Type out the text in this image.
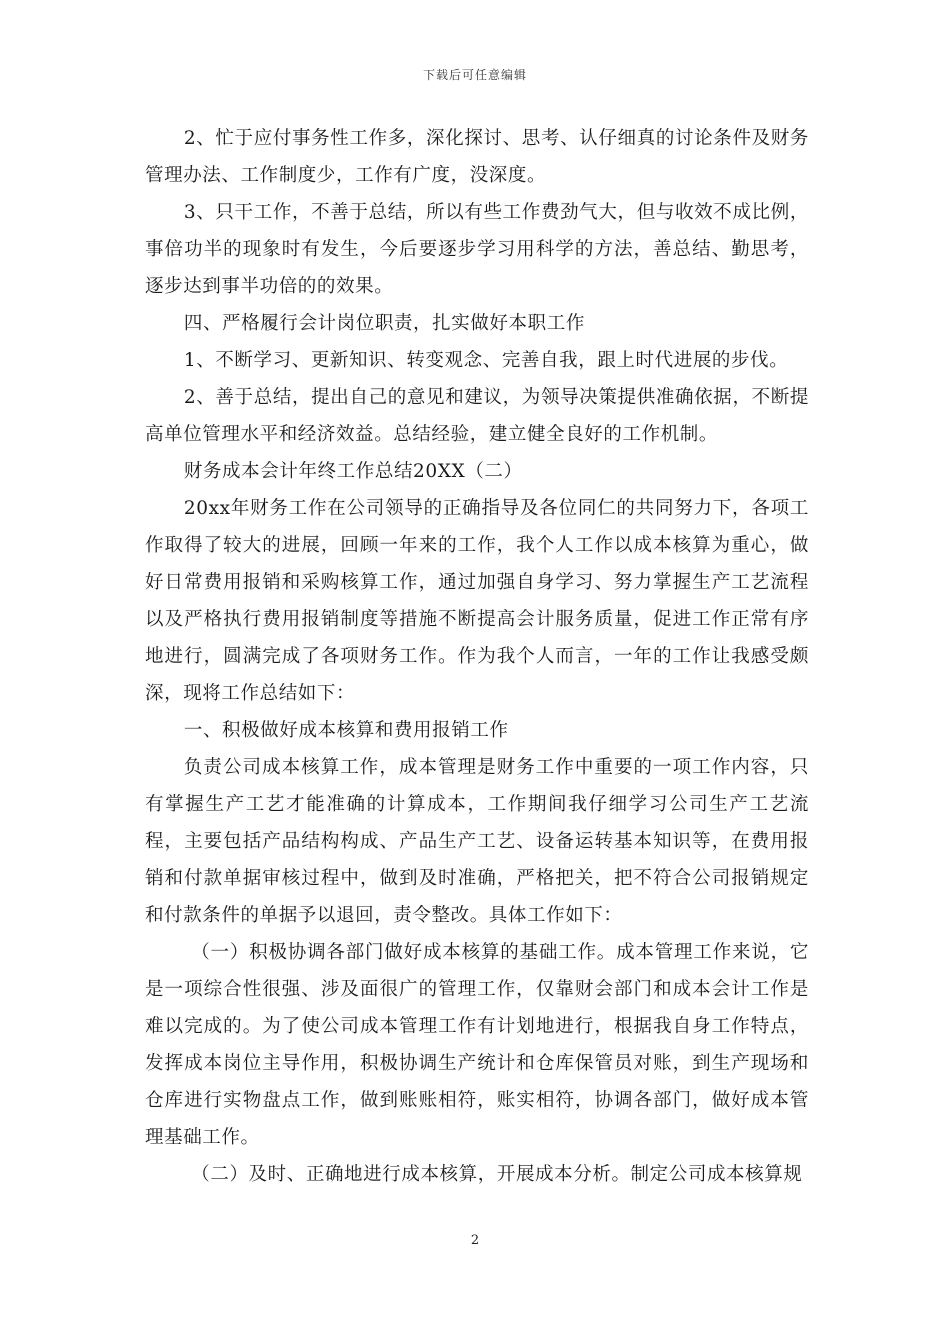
下载后可任意编辑

2、忙于应付事务性工作多，深化探讨、思考、认仔细真的讨论条件及财务管理办法、工作制度少，工作有广度，没深度。

3、只干工作，不善于总结，所以有些工作费劲气大，但与收效不成比例，事倍功半的现象时有发生，今后要逐步学习用科学的方法，善总结、勤思考，逐步达到事半功倍的的效果。

四、严格履行会计岗位职责，扎实做好本职工作

1、不断学习、更新知识、转变观念、完善自我，跟上时代进展的步伐。

2、善于总结，提出自己的意见和建议，为领导决策提供准确依据，不断提高单位管理水平和经济效益。总结经验，建立健全良好的工作机制。

财务成本会计年终工作总结20XX（二）

20xx年财务工作在公司领导的正确指导及各位同仁的共同努力下，各项工作取得了较大的进展，回顾一年来的工作，我个人工作以成本核算为重心，做好日常费用报销和采购核算工作，通过加强自身学习、努力掌握生产工艺流程以及严格执行费用报销制度等措施不断提高会计服务质量，促进工作正常有序地进行，圆满完成了各项财务工作。作为我个人而言，一年的工作让我感受颇深，现将工作总结如下：

一、积极做好成本核算和费用报销工作

负责公司成本核算工作，成本管理是财务工作中重要的一项工作内容，只有掌握生产工艺才能准确的计算成本，工作期间我仔细学习公司生产工艺流程，主要包括产品结构构成、产品生产工艺、设备运转基本知识等，在费用报销和付款单据审核过程中，做到及时准确，严格把关，把不符合公司报销规定和付款条件的单据予以退回，责令整改。具体工作如下：

（一）积极协调各部门做好成本核算的基础工作。成本管理工作来说，它是一项综合性很强、涉及面很广的管理工作，仅靠财会部门和成本会计工作是难以完成的。为了使公司成本管理工作有计划地进行，根据我自身工作特点，发挥成本岗位主导作用，积极协调生产统计和仓库保管员对账，到生产现场和仓库进行实物盘点工作，做到账账相符，账实相符，协调各部门，做好成本管理基础工作。

（二）及时、正确地进行成本核算，开展成本分析。制定公司成本核算规

2
